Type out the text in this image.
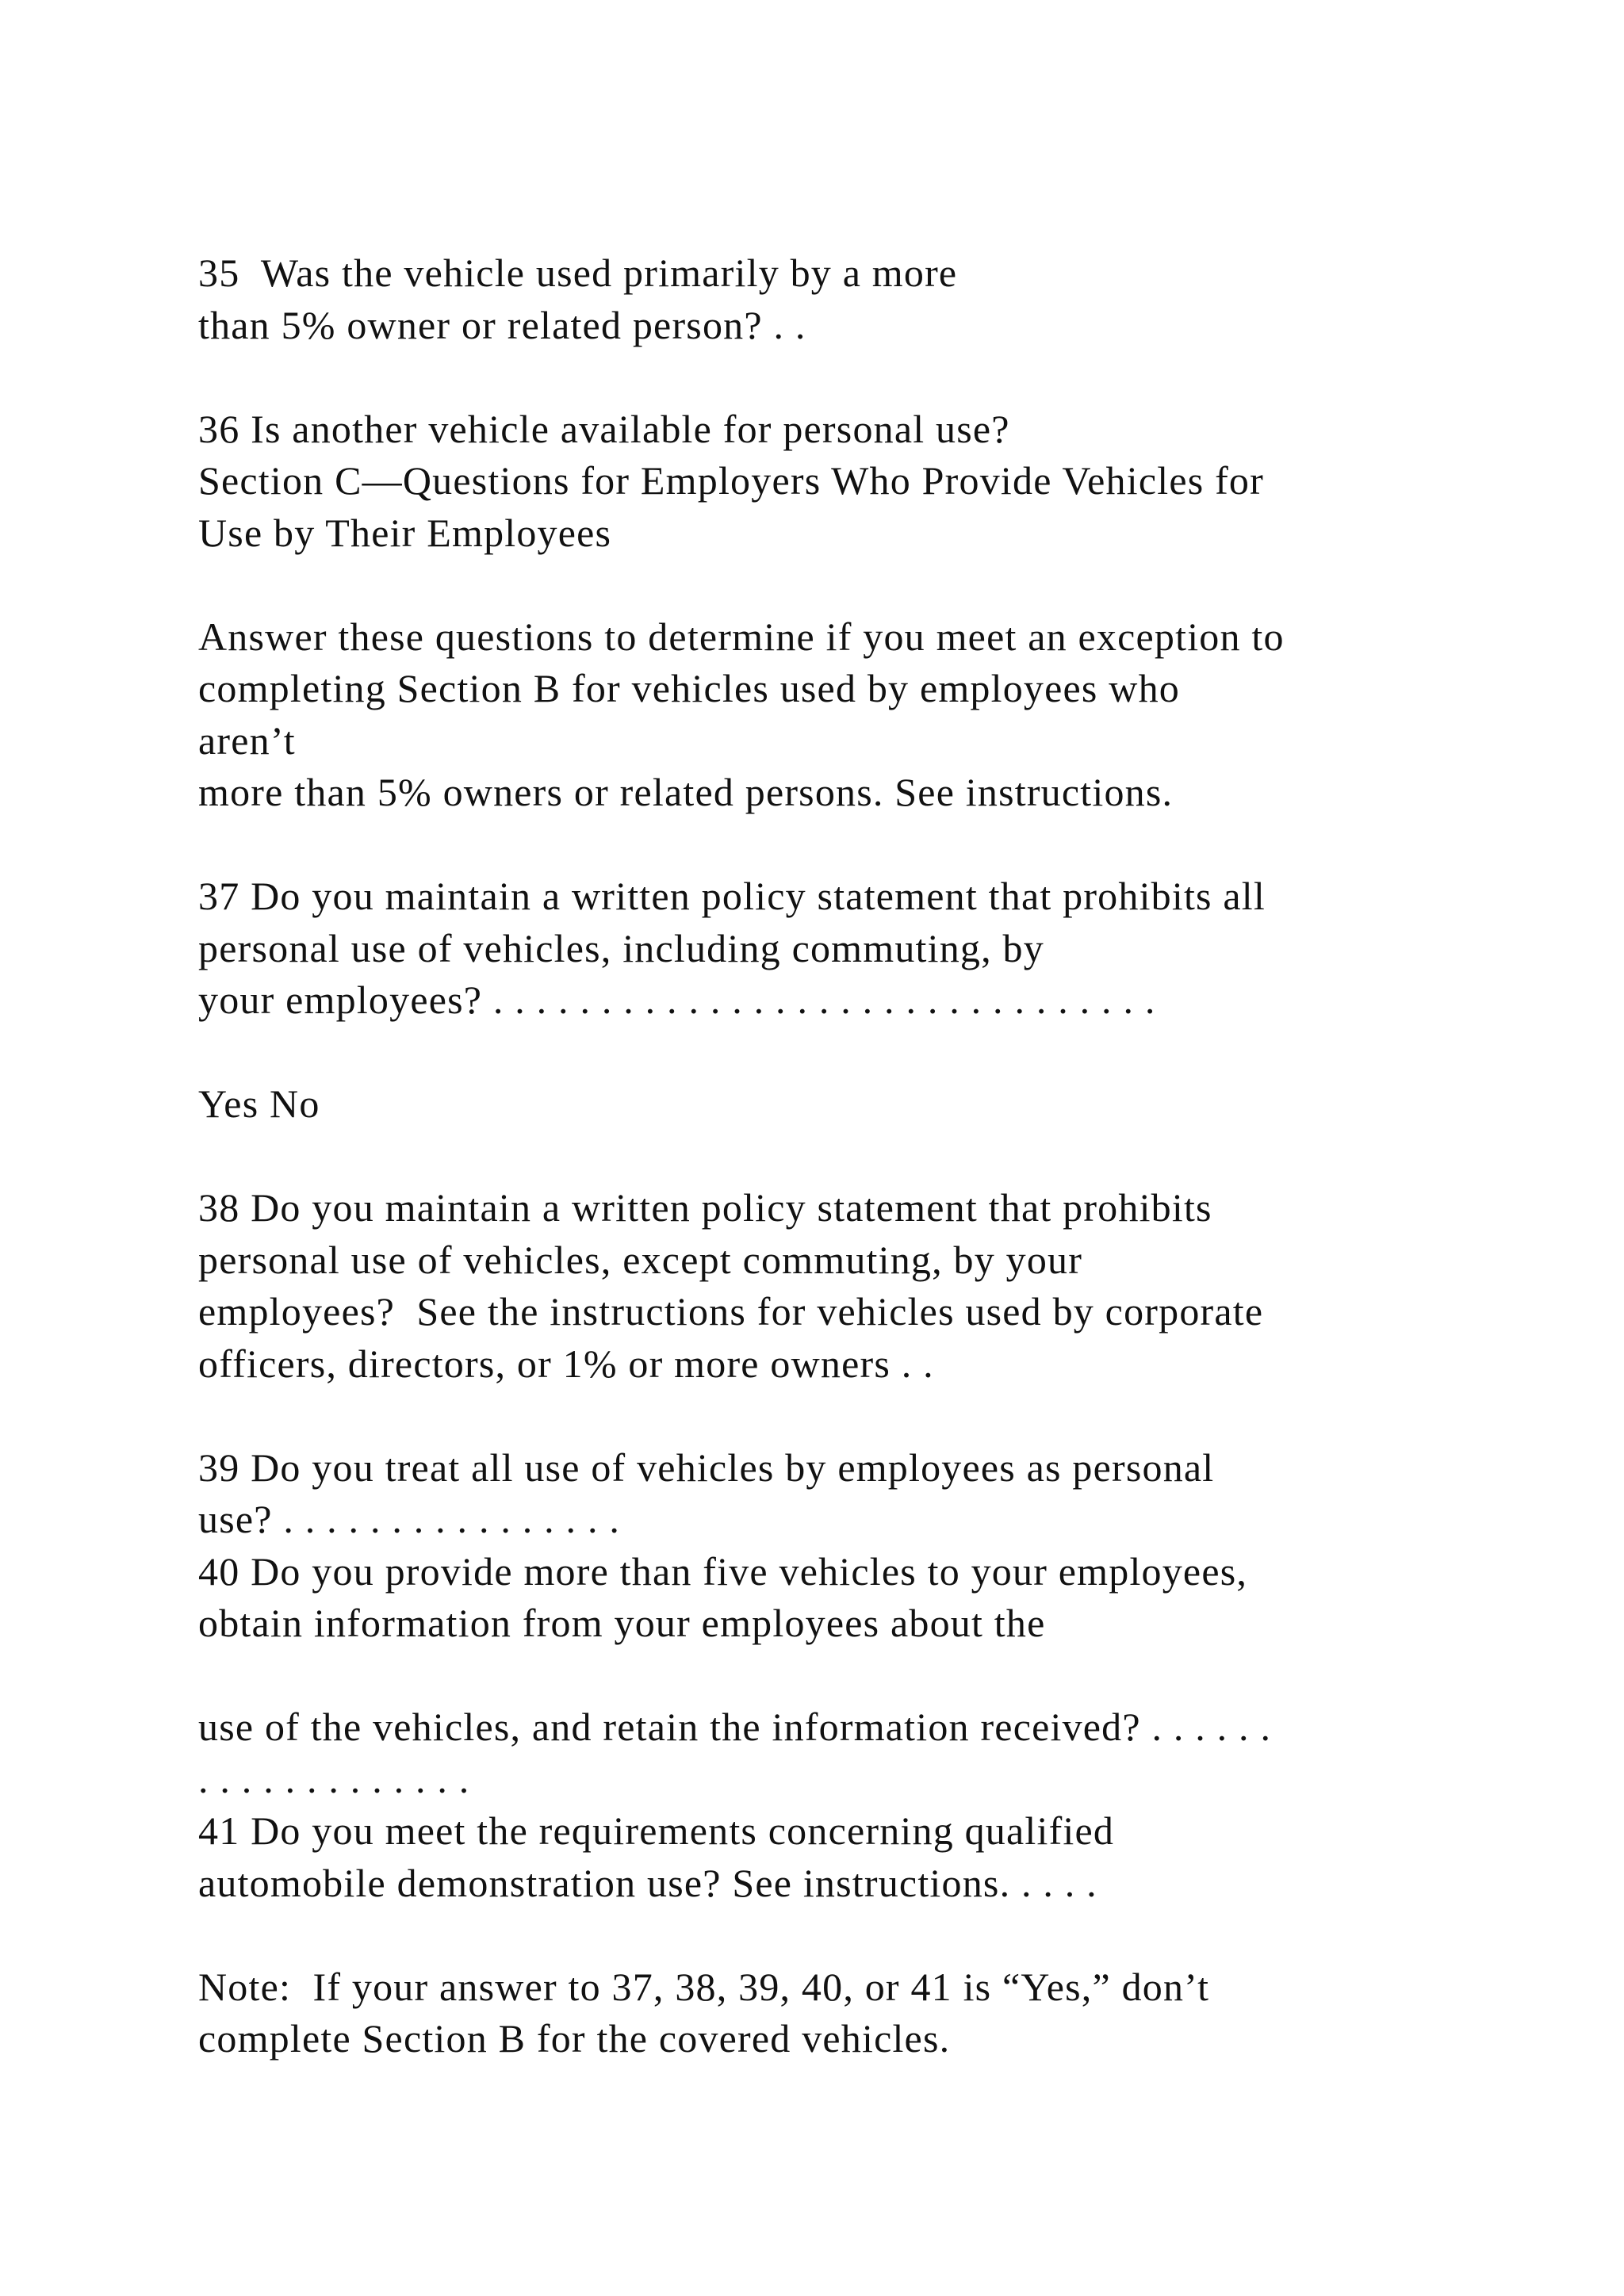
35  Was the vehicle used primarily by a more
than 5% owner or related person? . .
36 Is another vehicle available for personal use?
Section C—Questions for Employers Who Provide Vehicles for
Use by Their Employees
Answer these questions to determine if you meet an exception to
completing Section B for vehicles used by employees who
aren’t
more than 5% owners or related persons. See instructions.
37 Do you maintain a written policy statement that prohibits all
personal use of vehicles, including commuting, by
your employees? . . . . . . . . . . . . . . . . . . . . . . . . . . . . . . .
Yes No
38 Do you maintain a written policy statement that prohibits
personal use of vehicles, except commuting, by your
employees?  See the instructions for vehicles used by corporate
officers, directors, or 1% or more owners . .
39 Do you treat all use of vehicles by employees as personal
use? . . . . . . . . . . . . . . . .
40 Do you provide more than five vehicles to your employees,
obtain information from your employees about the
use of the vehicles, and retain the information received? . . . . . .
. . . . . . . . . . . . .
41 Do you meet the requirements concerning qualified
automobile demonstration use? See instructions. . . . .
Note:  If your answer to 37, 38, 39, 40, or 41 is “Yes,” don’t
complete Section B for the covered vehicles.
